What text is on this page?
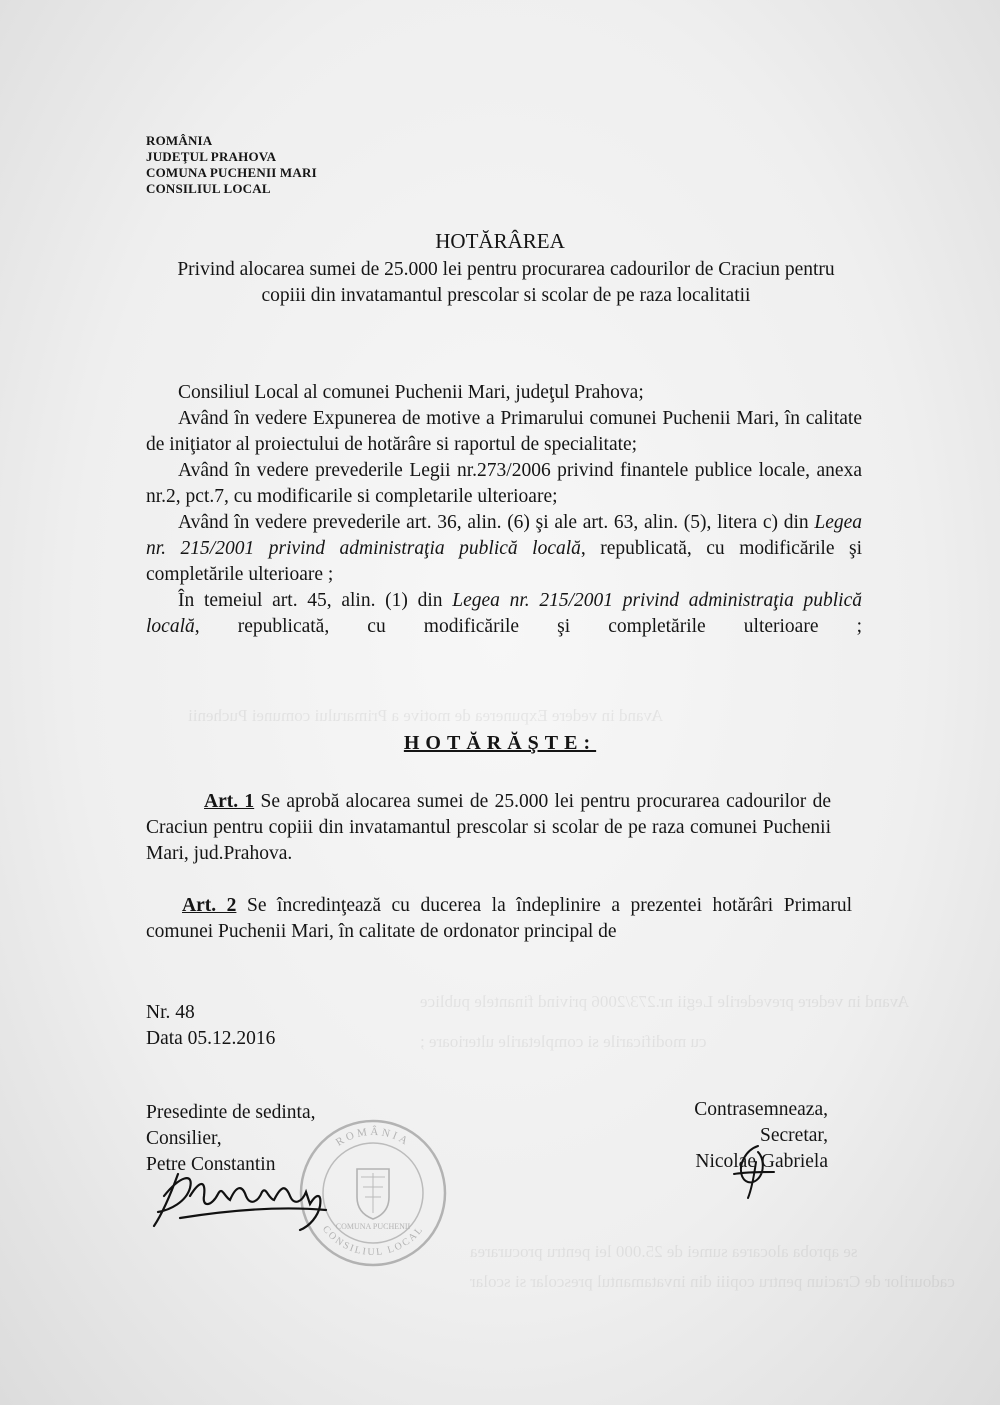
Avand in vedere Expunerea de motive a Primarului comunei Puchenii
Avand in vedere prevederile Legii nr.273/2006 privind finantele publice
cu modificarile si completarile ulterioare ;
se aproba alocarea sumei de 25.000 lei pentru procurarea
cadourilor de Craciun pentru copiii din invatamantul prescolar si scolar
ROMÂNIA
JUDEŢUL PRAHOVA
COMUNA PUCHENII MARI
CONSILIUL LOCAL
HOTĂRÂREA
Privind alocarea sumei de 25.000 lei pentru procurarea cadourilor de Craciun pentru copiii din invatamantul prescolar si scolar de pe raza localitatii

Consiliul Local al comunei Puchenii Mari, judeţul Prahova;

Având în vedere Expunerea de motive a Primarului comunei Puchenii Mari, în calitate de iniţiator al proiectului de hotărâre si raportul de specialitate;

Având în vedere prevederile Legii nr.273/2006 privind finantele publice locale, anexa nr.2, pct.7, cu modificarile si completarile ulterioare;

Având în vedere prevederile art. 36, alin. (6) şi ale art. 63, alin. (5), litera c) din Legea nr. 215/2001 privind administraţia publică locală, republicată, cu modificările şi completările ulterioare ;

În temeiul art. 45, alin. (1) din Legea nr. 215/2001 privind administraţia publică locală, republicată, cu modificările şi completările ulterioare ;

HOTĂRĂŞTE:
Art. 1 Se aprobă alocarea sumei de 25.000 lei pentru procurarea cadourilor de Craciun pentru copiii din invatamantul prescolar si scolar de pe raza comunei Puchenii Mari, jud.Prahova.
Art. 2 Se încredinţează cu ducerea la îndeplinire a prezentei hotărâri Primarul comunei Puchenii Mari, în calitate de ordonator principal de
Nr. 48
Data 05.12.2016
Presedinte de sedinta,
Consilier,
Petre Constantin
Contrasemneaza,
Secretar,
Nicolae Gabriela
ROMÂNIA
CONSILIUL LOCAL
COMUNA PUCHENII
